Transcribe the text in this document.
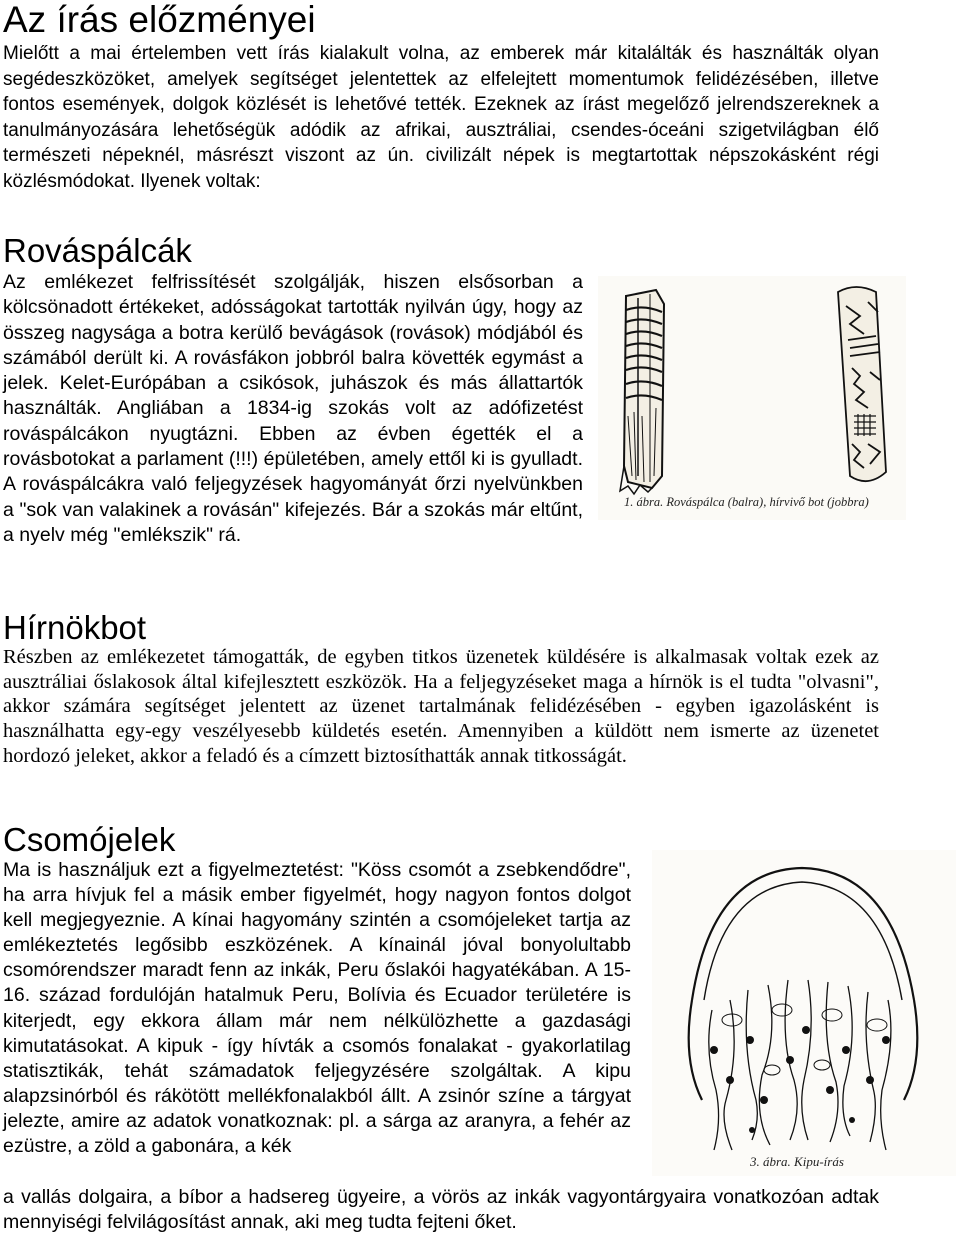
Az írás előzményei

Mielőtt a mai értelemben vett írás kialakult volna, az emberek már kitalálták és használták olyan segédeszközöket, amelyek segítséget jelentettek az elfelejtett momentumok felidézésében, illetve fontos események, dolgok közlését is lehetővé tették. Ezeknek az írást megelőző jelrendszereknek a tanulmányozására lehetőségük adódik az afrikai, ausztráliai, csendes-óceáni szigetvilágban élő természeti népeknél, másrészt viszont az ún. civilizált népek is megtartottak népszokásként régi közlésmódokat. Ilyenek voltak:

Rováspálcák

Az emlékezet felfrissítését szolgálják, hiszen elsősorban a kölcsönadott értékeket, adósságokat tartották nyilván úgy, hogy az összeg nagysága a botra kerülő bevágások (rovások) módjából és számából derült ki. A rovásfákon jobbról balra követték egymást a jelek. Kelet-Európában a csikósok, juhászok és más állattartók használták. Angliában a 1834-ig szokás volt az adófizetést rováspálcákon nyugtázni. Ebben az évben égették el a rovásbotokat a parlament (!!!) épületében, amely ettől ki is gyulladt. A rováspálcákra való feljegyzések hagyományát őrzi nyelvünkben a "sok van valakinek a rovásán" kifejezés. Bár a szokás már eltűnt, a nyelv még "emlékszik" rá.

Hírnökbot

Részben az emlékezetet támogatták, de egyben titkos üzenetek küldésére is alkalmasak voltak ezek az ausztráliai őslakosok által kifejlesztett eszközök. Ha a feljegyzéseket maga a hírnök is el tudta "olvasni", akkor számára segítséget jelentett az üzenet tartalmának felidézésében - egyben igazolásként is használhatta egy-egy veszélyesebb küldetés esetén. Amennyiben a küldött nem ismerte az üzenetet hordozó jeleket, akkor a feladó és a címzett biztosíthatták annak titkosságát.

Csomójelek

Ma is használjuk ezt a figyelmeztetést: "Köss csomót a zsebkendődre", ha arra hívjuk fel a másik ember figyelmét, hogy nagyon fontos dolgot kell megjegyeznie. A kínai hagyomány szintén a csomójeleket tartja az emlékeztetés legősibb eszközének. A kínainál jóval bonyolultabb csomórendszer maradt fenn az inkák, Peru őslakói hagyatékában. A 15-16. század fordulóján hatalmuk Peru, Bolívia és Ecuador területére is kiterjedt, egy ekkora állam már nem nélkülözhette a gazdasági kimutatásokat. A kipuk - így hívták a csomós fonalakat - gyakorlatilag statisztikák, tehát számadatok feljegyzésére szolgáltak. A kipu alapzsinórból és rákötött mellékfonalakból állt. A zsinór színe a tárgyat jelezte, amire az adatok vonatkoznak: pl. a sárga az aranyra, a fehér az ezüstre, a zöld a gabonára, a kék

a vallás dolgaira, a bíbor a hadsereg ügyeire, a vörös az inkák vagyontárgyaira vonatkozóan adtak mennyiségi felvilágosítást annak, aki meg tudta fejteni őket.

1. ábra. Rováspálca (balra), hírvivő bot (jobbra)
3. ábra. Kipu-írás
